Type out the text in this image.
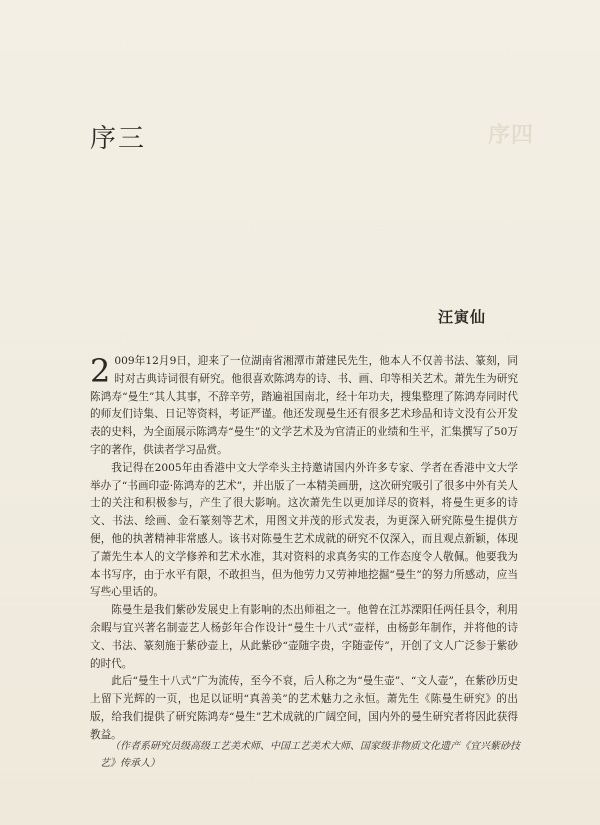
序四
序三
汪寅仙

2 009年12月9日，迎来了一位湖南省湘潭市萧建民先生，他本人不仅善书法、篆刻，同时对古典诗词很有研究。他很喜欢陈鸿寿的诗、书、画、印等相关艺术。萧先生为研究陈鸿寿“曼生”其人其事，不辞辛劳，踏遍祖国南北，经十年功夫，搜集整理了陈鸿寿同时代的师友们诗集、日记等资料，考证严谨。他还发现曼生还有很多艺术珍品和诗文没有公开发表的史料，为全面展示陈鸿寿“曼生”的文学艺术及为官清正的业绩和生平，汇集撰写了50万字的著作，供读者学习品赏。

我记得在2005年由香港中文大学牵头主持邀请国内外许多专家、学者在香港中文大学举办了“书画印壶·陈鸿寿的艺术”，并出版了一本精美画册，这次研究吸引了很多中外有关人士的关注和积极参与，产生了很大影响。这次萧先生以更加详尽的资料，将曼生更多的诗文、书法、绘画、金石篆刻等艺术，用图文并茂的形式发表，为更深入研究陈曼生提供方便，他的执著精神非常感人。该书对陈曼生艺术成就的研究不仅深入，而且观点新颖，体现了萧先生本人的文学修养和艺术水准，其对资料的求真务实的工作态度令人敬佩。他要我为本书写序，由于水平有限，不敢担当，但为他劳力又劳神地挖掘“曼生”的努力所感动，应当写些心里话的。

陈曼生是我们紫砂发展史上有影响的杰出师祖之一。他曾在江苏溧阳任两任县令，利用余暇与宜兴著名制壶艺人杨彭年合作设计“曼生十八式”壶样，由杨彭年制作，并将他的诗文、书法、篆刻施于紫砂壶上，从此紫砂“壶随字贵，字随壶传”，开创了文人广泛参于紫砂的时代。

此后“曼生十八式”广为流传，至今不衰，后人称之为“曼生壶”、“文人壶”，在紫砂历史上留下光辉的一页，也足以证明“真善美”的艺术魅力之永恒。萧先生《陈曼生研究》的出版，给我们提供了研究陈鸿寿“曼生”艺术成就的广阔空间，国内外的曼生研究者将因此获得教益。

（作者系研究员级高级工艺美术师、中国工艺美术大师、国家级非物质文化遗产《宜兴紫砂技艺》传承人）
